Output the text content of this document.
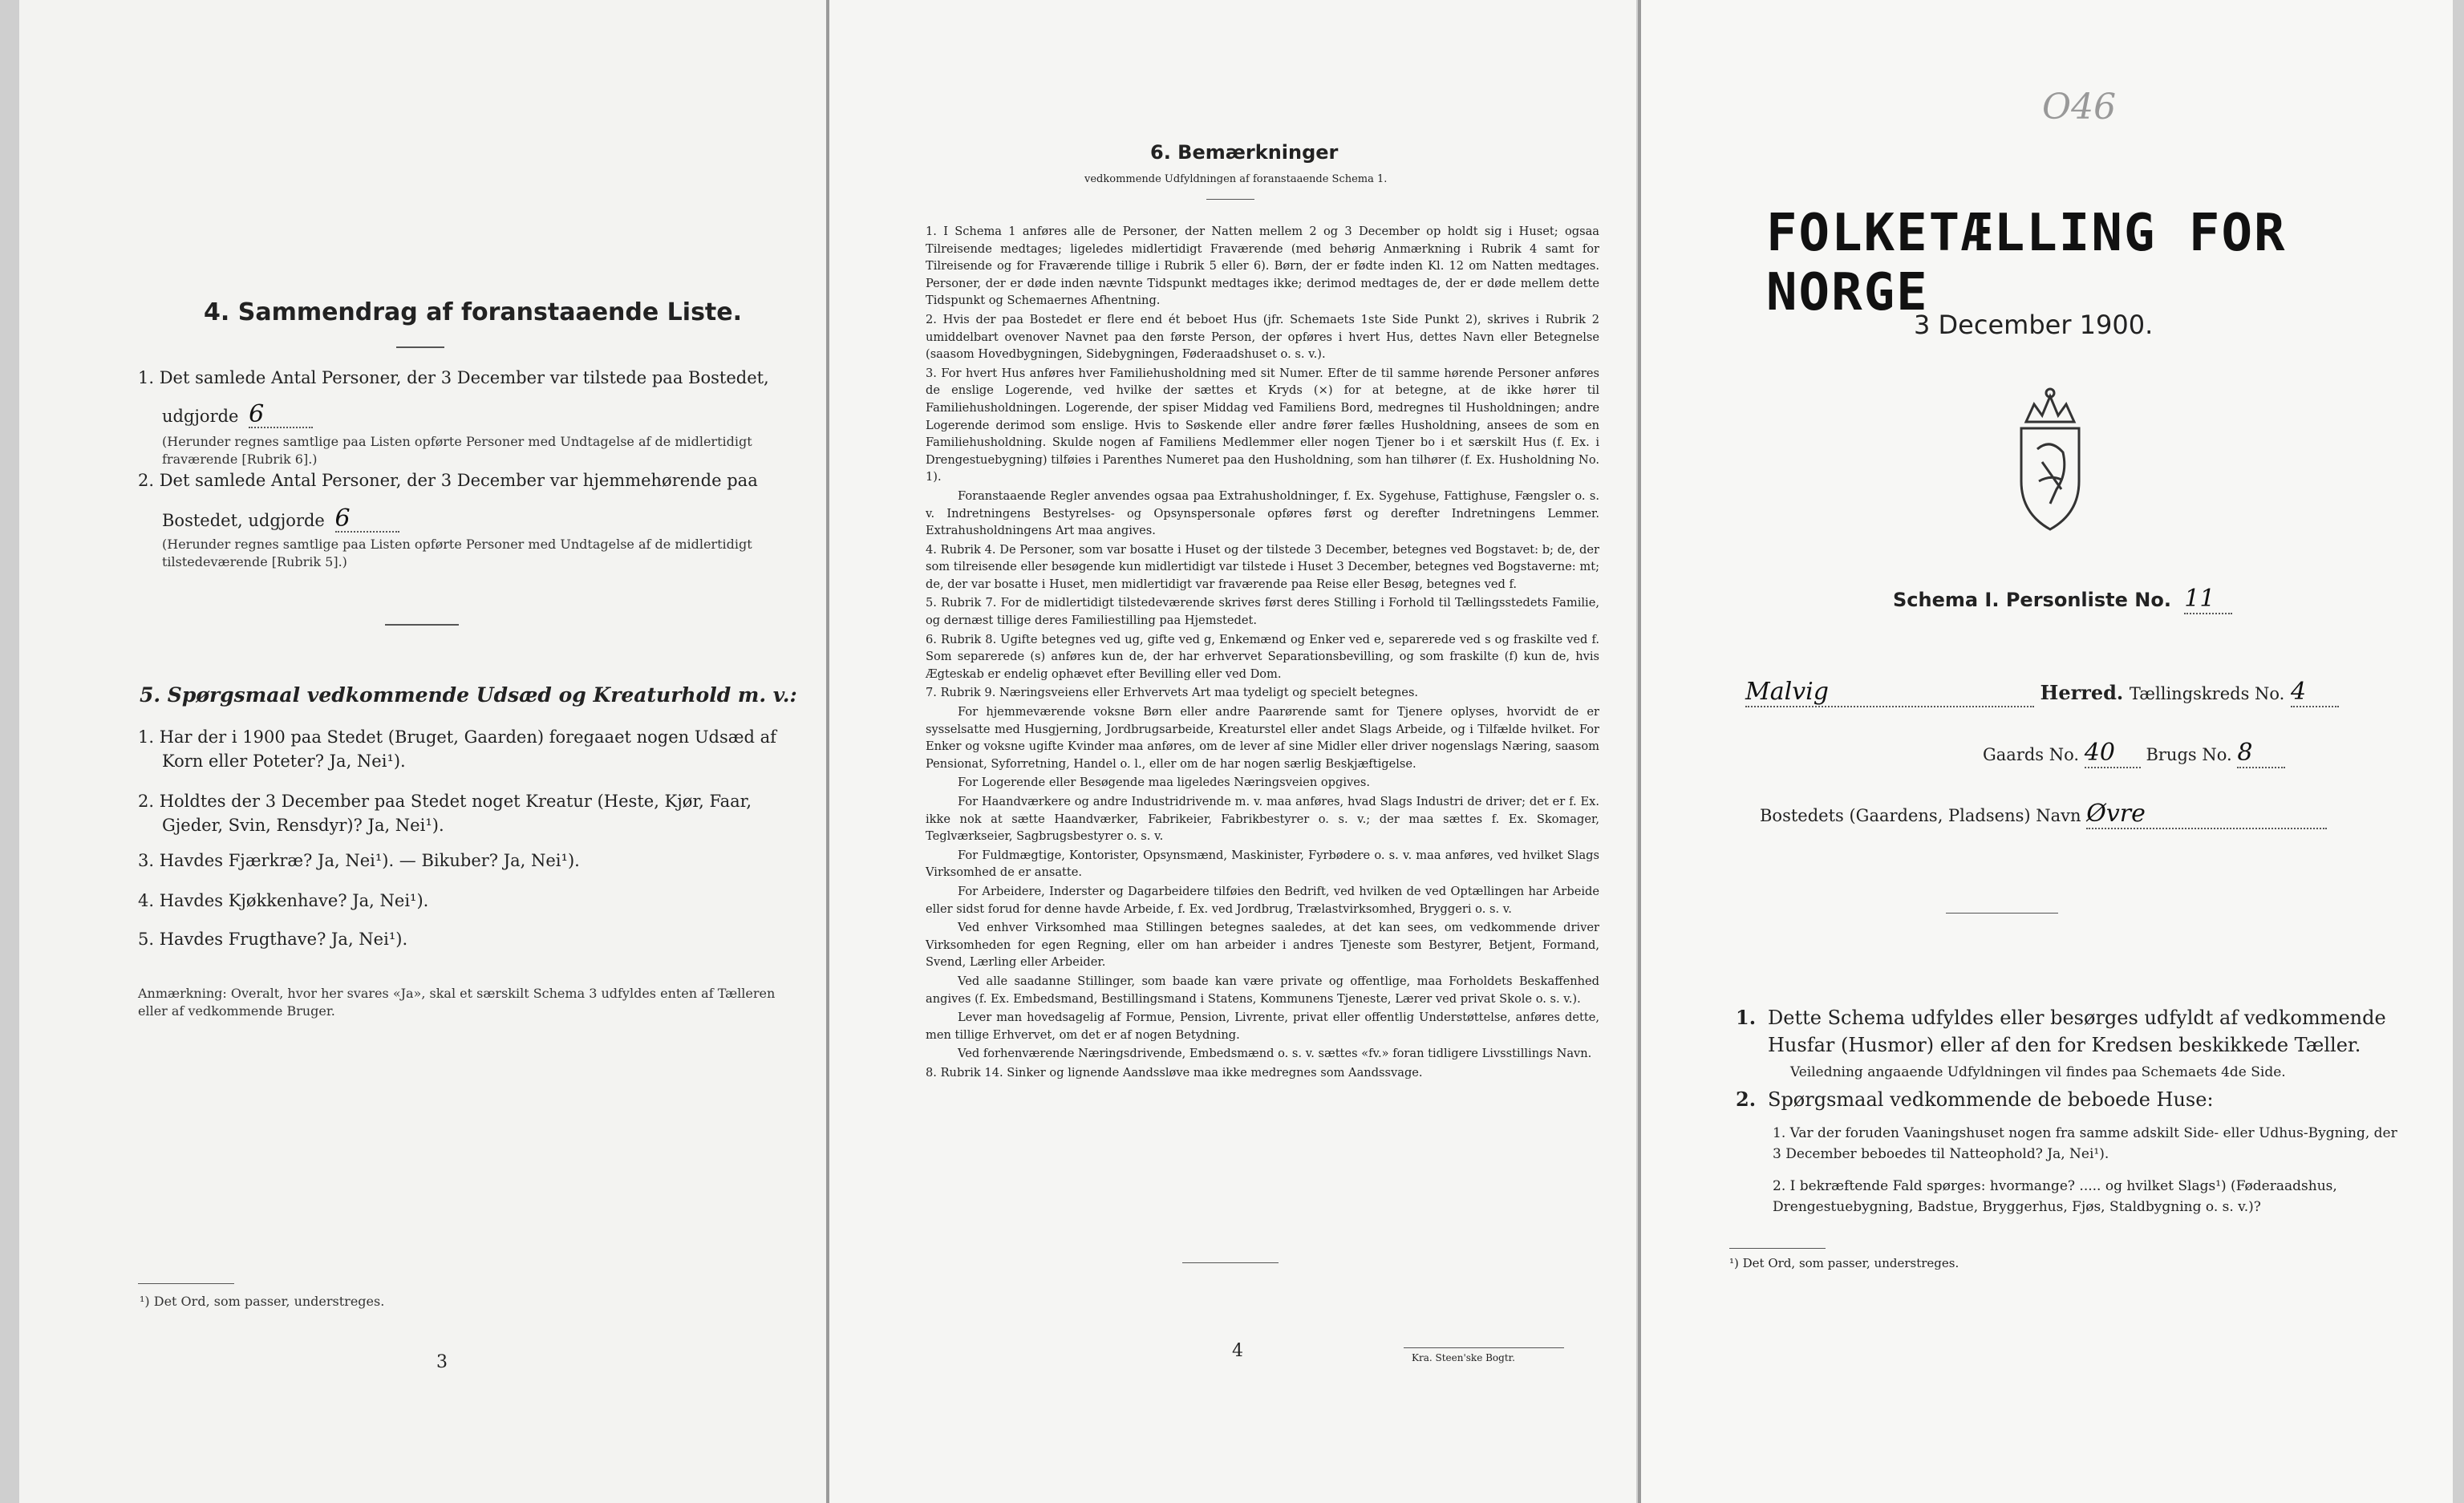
4. Sammendrag af foranstaaende Liste.
1. Det samlede Antal Personer, der 3 December var tilstede paa Bostedet,
udgjorde 6
(Herunder regnes samtlige paa Listen opførte Personer med Undtagelse af de midlertidigt fraværende [Rubrik 6].)
2. Det samlede Antal Personer, der 3 December var hjemmehørende paa
Bostedet, udgjorde 6
(Herunder regnes samtlige paa Listen opførte Personer med Undtagelse af de midlertidigt tilstedeværende [Rubrik 5].)
5. Spørgsmaal vedkommende Udsæd og Kreaturhold m. v.:
1. Har der i 1900 paa Stedet (Bruget, Gaarden) foregaaet nogen Udsæd af
Korn eller Poteter? Ja, Nei¹).
2. Holdtes der 3 December paa Stedet noget Kreatur (Heste, Kjør, Faar,
Gjeder, Svin, Rensdyr)? Ja, Nei¹).
3. Havdes Fjærkræ? Ja, Nei¹). — Bikuber? Ja, Nei¹).
4. Havdes Kjøkkenhave? Ja, Nei¹).
5. Havdes Frugthave? Ja, Nei¹).
Anmærkning: Overalt, hvor her svares «Ja», skal et særskilt Schema 3 udfyldes enten af Tælleren eller af vedkommende Bruger.
¹) Det Ord, som passer, understreges.
3
6. Bemærkninger
vedkommende Udfyldningen af foranstaaende Schema 1.

1. I Schema 1 anføres alle de Personer, der Natten mellem 2 og 3 December op holdt sig i Huset; ogsaa Tilreisende medtages; ligeledes midlertidigt Fraværende (med behørig Anmærkning i Rubrik 4 samt for Tilreisende og for Fraværende tillige i Rubrik 5 eller 6). Børn, der er fødte inden Kl. 12 om Natten medtages. Personer, der er døde inden nævnte Tidspunkt medtages ikke; derimod medtages de, der er døde mellem dette Tidspunkt og Schemaernes Afhentning.

2. Hvis der paa Bostedet er flere end ét beboet Hus (jfr. Schemaets 1ste Side Punkt 2), skrives i Rubrik 2 umiddelbart ovenover Navnet paa den første Person, der opføres i hvert Hus, dettes Navn eller Betegnelse (saasom Hovedbygningen, Sidebygningen, Føderaadshuset o. s. v.).

3. For hvert Hus anføres hver Familiehusholdning med sit Numer. Efter de til samme hørende Personer anføres de enslige Logerende, ved hvilke der sættes et Kryds (×) for at betegne, at de ikke hører til Familiehusholdningen. Logerende, der spiser Middag ved Familiens Bord, medregnes til Husholdningen; andre Logerende derimod som enslige. Hvis to Søskende eller andre fører fælles Husholdning, ansees de som en Familiehusholdning. Skulde nogen af Familiens Medlemmer eller nogen Tjener bo i et særskilt Hus (f. Ex. i Drengestuebygning) tilføies i Parenthes Numeret paa den Husholdning, som han tilhører (f. Ex. Husholdning No. 1).

Foranstaaende Regler anvendes ogsaa paa Extrahusholdninger, f. Ex. Sygehuse, Fattighuse, Fængsler o. s. v. Indretningens Bestyrelses- og Opsynspersonale opføres først og derefter Indretningens Lemmer. Extrahusholdningens Art maa angives.

4. Rubrik 4. De Personer, som var bosatte i Huset og der tilstede 3 December, betegnes ved Bogstavet: b; de, der som tilreisende eller besøgende kun midlertidigt var tilstede i Huset 3 December, betegnes ved Bogstaverne: mt; de, der var bosatte i Huset, men midlertidigt var fraværende paa Reise eller Besøg, betegnes ved f.

5. Rubrik 7. For de midlertidigt tilstedeværende skrives først deres Stilling i Forhold til Tællingsstedets Familie, og dernæst tillige deres Familiestilling paa Hjemstedet.

6. Rubrik 8. Ugifte betegnes ved ug, gifte ved g, Enkemænd og Enker ved e, separerede ved s og fraskilte ved f. Som separerede (s) anføres kun de, der har erhvervet Separationsbevilling, og som fraskilte (f) kun de, hvis Ægteskab er endelig ophævet efter Bevilling eller ved Dom.

7. Rubrik 9. Næringsveiens eller Erhvervets Art maa tydeligt og specielt betegnes.

For hjemmeværende voksne Børn eller andre Paarørende samt for Tjenere oplyses, hvorvidt de er sysselsatte med Husgjerning, Jordbrugsarbeide, Kreaturstel eller andet Slags Arbeide, og i Tilfælde hvilket. For Enker og voksne ugifte Kvinder maa anføres, om de lever af sine Midler eller driver nogenslags Næring, saasom Pensionat, Syforretning, Handel o. l., eller om de har nogen særlig Beskjæftigelse.

For Logerende eller Besøgende maa ligeledes Næringsveien opgives.

For Haandværkere og andre Industridrivende m. v. maa anføres, hvad Slags Industri de driver; det er f. Ex. ikke nok at sætte Haandværker, Fabrikeier, Fabrikbestyrer o. s. v.; der maa sættes f. Ex. Skomager, Teglværkseier, Sagbrugsbestyrer o. s. v.

For Fuldmægtige, Kontorister, Opsynsmænd, Maskinister, Fyrbødere o. s. v. maa anføres, ved hvilket Slags Virksomhed de er ansatte.

For Arbeidere, Inderster og Dagarbeidere tilføies den Bedrift, ved hvilken de ved Optællingen har Arbeide eller sidst forud for denne havde Arbeide, f. Ex. ved Jordbrug, Trælastvirksomhed, Bryggeri o. s. v.

Ved enhver Virksomhed maa Stillingen betegnes saaledes, at det kan sees, om vedkommende driver Virksomheden for egen Regning, eller om han arbeider i andres Tjeneste som Bestyrer, Betjent, Formand, Svend, Lærling eller Arbeider.

Ved alle saadanne Stillinger, som baade kan være private og offentlige, maa Forholdets Beskaffenhed angives (f. Ex. Embedsmand, Bestillingsmand i Statens, Kommunens Tjeneste, Lærer ved privat Skole o. s. v.).

Lever man hovedsagelig af Formue, Pension, Livrente, privat eller offentlig Understøttelse, anføres dette, men tillige Erhvervet, om det er af nogen Betydning.

Ved forhenværende Næringsdrivende, Embedsmænd o. s. v. sættes «fv.» foran tidligere Livsstillings Navn.

8. Rubrik 14. Sinker og lignende Aandssløve maa ikke medregnes som Aandssvage.

4	Kra. Steen'ske Bogtr.
O46
FOLKETÆLLING FOR NORGE
3 December 1900.
Schema I. Personliste No. 11
Malvig	Herred. Tællingskreds No. 4
Gaards No. 40 Brugs No. 8
Bostedets (Gaardens, Pladsens) Navn Øvre
1. Dette Schema udfyldes eller besørges udfyldt af vedkommende Husfar (Husmor) eller af den for Kredsen beskikkede Tæller.
Veiledning angaaende Udfyldningen vil findes paa Schemaets 4de Side.
2. Spørgsmaal vedkommende de beboede Huse:
1. Var der foruden Vaaningshuset nogen fra samme adskilt Side- eller Udhus-Bygning, der 3 December beboedes til Natteophold? Ja, Nei¹).
2. I bekræftende Fald spørges: hvormange? ..... og hvilket Slags¹) (Føderaadshus, Drengestuebygning, Badstue, Bryggerhus, Fjøs, Staldbygning o. s. v.)?
¹) Det Ord, som passer, understreges.
